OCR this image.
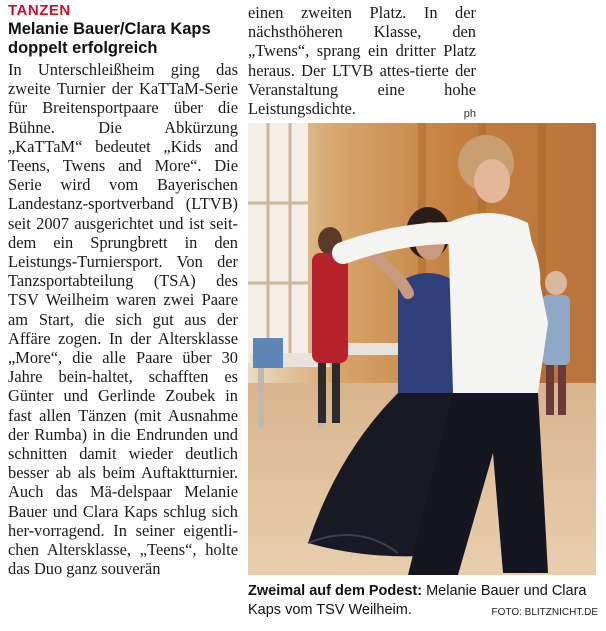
TANZEN
Melanie Bauer/Clara Kaps doppelt erfolgreich
In Unterschleißheim ging das zweite Turnier der KaTTaM-Serie für Breitensportpaare über die Bühne. Die Abkürzung „KaTTaM“ bedeutet „Kids and Teens, Twens and More“. Die Serie wird vom Bayerischen Landestanz-sportverband (LTVB) seit 2007 ausgerichtet und ist seit-dem ein Sprungbrett in den Leistungs-Turniersport. Von der Tanzsportabteilung (TSA) des TSV Weilheim waren zwei Paare am Start, die sich gut aus der Affäre zogen. In der Altersklasse „More“, die alle Paare über 30 Jahre bein-haltet, schafften es Günter und Gerlinde Zoubek in fast allen Tänzen (mit Ausnahme der Rumba) in die Endrunden und schnitten damit wieder deutlich besser ab als beim Auftaktturnier. Auch das Mä-delspaar Melanie Bauer und Clara Kaps schlug sich her-vorragend. In seiner eigentli-chen Altersklasse, „Teens“, holte das Duo ganz souverän
einen zweiten Platz. In der nächsthöheren Klasse, den „Twens“, sprang ein dritter Platz heraus. Der LTVB attes-tierte der Veranstaltung eine hohe Leistungsdichte.	ph
Zweimal auf dem Podest: Melanie Bauer und Clara Kaps vom TSV Weilheim.	FOTO: BLITZNICHT.DE
